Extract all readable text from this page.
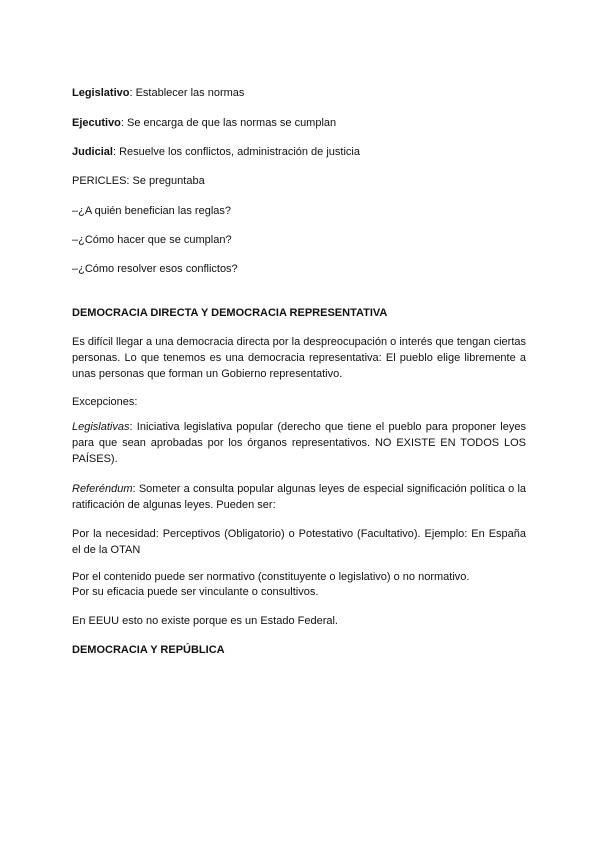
Legislativo: Establecer las normas
Ejecutivo: Se encarga de que las normas se cumplan
Judicial: Resuelve los conflictos, administración de justicia
PERICLES: Se preguntaba
–¿A quién benefician las reglas?
–¿Cómo hacer que se cumplan?
–¿Cómo resolver esos conflictos?
DEMOCRACIA DIRECTA Y DEMOCRACIA REPRESENTATIVA
Es difícil llegar a una democracia directa por la despreocupación o interés que tengan ciertas personas. Lo que tenemos es una democracia representativa: El pueblo elige libremente a unas personas que forman un Gobierno representativo.
Excepciones:
Legislativas: Iniciativa legislativa popular (derecho que tiene el pueblo para proponer leyes para que sean aprobadas por los órganos representativos. NO EXISTE EN TODOS LOS PAÍSES).
Referéndum: Someter a consulta popular algunas leyes de especial significación política o la ratificación de algunas leyes. Pueden ser:
Por la necesidad: Perceptivos (Obligatorio) o Potestativo (Facultativo). Ejemplo: En España el de la OTAN
Por el contenido puede ser normativo (constituyente o legislativo) o no normativo.
Por su eficacia puede ser vinculante o consultivos.
En EEUU esto no existe porque es un Estado Federal.
DEMOCRACIA Y REPÚBLICA
